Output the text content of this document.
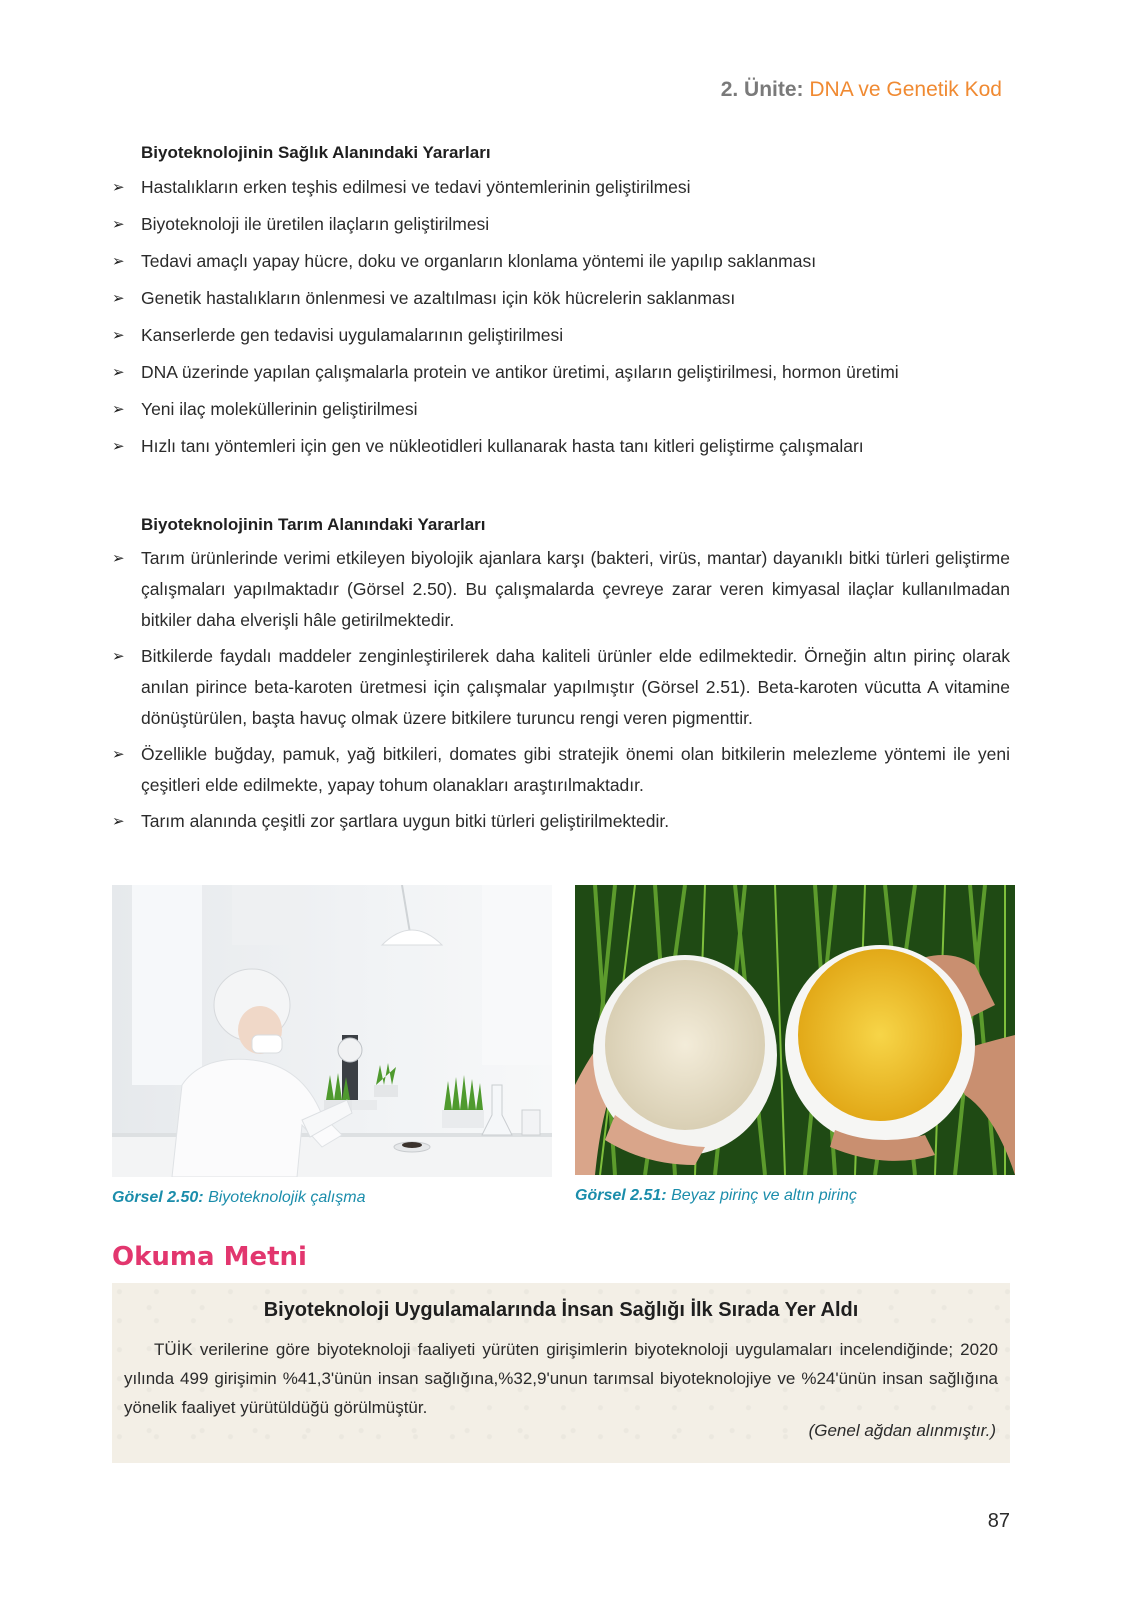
2. Ünite: DNA ve Genetik Kod
Biyoteknolojinin Sağlık Alanındaki Yararları
➢ Hastalıkların erken teşhis edilmesi ve tedavi yöntemlerinin geliştirilmesi
➢ Biyoteknoloji ile üretilen ilaçların geliştirilmesi
➢ Tedavi amaçlı yapay hücre, doku ve organların klonlama yöntemi ile yapılıp saklanması
➢ Genetik hastalıkların önlenmesi ve azaltılması için kök hücrelerin saklanması
➢ Kanserlerde gen tedavisi uygulamalarının geliştirilmesi
➢ DNA üzerinde yapılan çalışmalarla protein ve antikor üretimi, aşıların geliştirilmesi, hormon üretimi
➢ Yeni ilaç moleküllerinin geliştirilmesi
➢ Hızlı tanı yöntemleri için gen ve nükleotidleri kullanarak hasta tanı kitleri geliştirme çalışmaları
Biyoteknolojinin Tarım Alanındaki Yararları
➢ Tarım ürünlerinde verimi etkileyen biyolojik ajanlara karşı (bakteri, virüs, mantar) dayanıklı bitki türleri geliştirme çalışmaları yapılmaktadır (Görsel 2.50). Bu çalışmalarda çevreye zarar veren kimyasal ilaçlar kullanılmadan bitkiler daha elverişli hâle getirilmektedir.
➢ Bitkilerde faydalı maddeler zenginleştirilerek daha kaliteli ürünler elde edilmektedir. Örneğin altın pirinç olarak anılan pirince beta-karoten üretmesi için çalışmalar yapılmıştır (Görsel 2.51). Beta-karoten vücutta A vitamine dönüştürülen, başta havuç olmak üzere bitkilere turuncu rengi veren pigmenttir.
➢ Özellikle buğday, pamuk, yağ bitkileri, domates gibi stratejik önemi olan bitkilerin melezleme yöntemi ile yeni çeşitleri elde edilmekte, yapay tohum olanakları araştırılmaktadır.
➢ Tarım alanında çeşitli zor şartlara uygun bitki türleri geliştirilmektedir.
Görsel 2.50: Biyoteknolojik çalışma	Görsel 2.51: Beyaz pirinç ve altın pirinç
Okuma Metni
Biyoteknoloji Uygulamalarında İnsan Sağlığı İlk Sırada Yer Aldı
TÜİK verilerine göre biyoteknoloji faaliyeti yürüten girişimlerin biyoteknoloji uygulamaları incelendiğinde; 2020 yılında 499 girişimin %41,3'ünün insan sağlığına,%32,9'unun tarımsal biyoteknolojiye ve %24'ünün insan sağlığına yönelik faaliyet yürütüldüğü görülmüştür.
(Genel ağdan alınmıştır.)
87
